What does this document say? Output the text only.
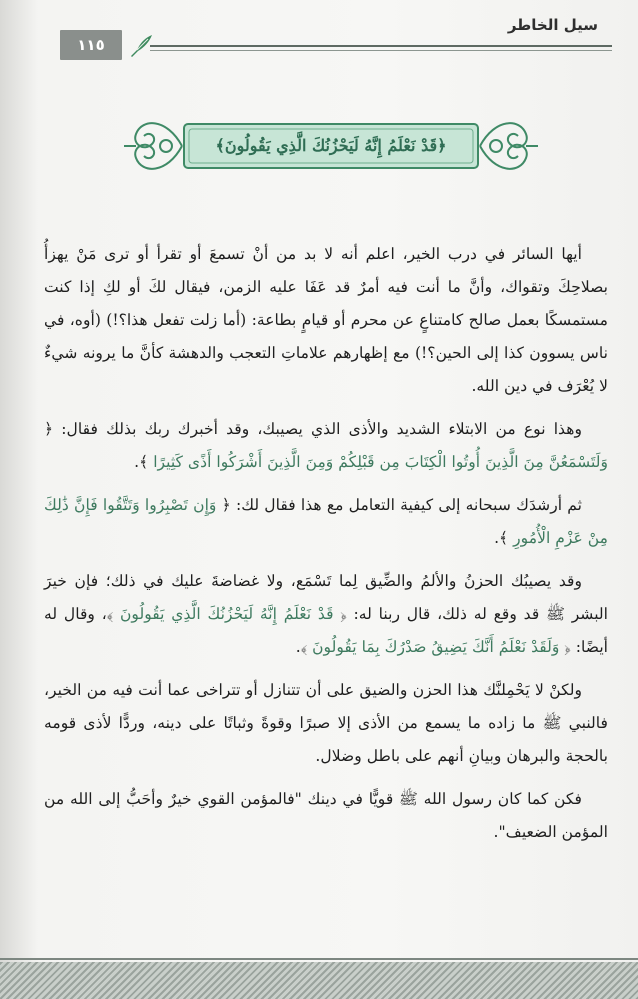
سيل الخاطر
١١٥
﴿قَدْ نَعْلَمُ إِنَّهُ لَيَحْزُنُكَ الَّذِي يَقُولُونَ﴾

أيها السائر في درب الخير، اعلم أنه لا بد من أنْ تسمعَ أو تقرأ أو ترى مَنْ يهزأُ بصلاحِكَ وتقواك، وأنَّ ما أنت فيه أمرٌ قد عَفَا عليه الزمن، فيقال لكَ أو لكِ إذا كنت مستمسكًا بعمل صالح كامتناعٍ عن محرم أو قيامٍ بطاعة: (أما زلت تفعل هذا؟!) (أوه، في ناس يسوون كذا إلى الحين؟!) مع إظهارهم علاماتِ التعجب والدهشة كأنَّ ما يرونه شيءٌ لا يُعْرَف في دين الله.

وهذا نوع من الابتلاء الشديد والأذى الذي يصيبك، وقد أخبرك ربك بذلك فقال: ﴿ وَلَتَسْمَعُنَّ مِنَ الَّذِينَ أُوتُوا الْكِتَابَ مِن قَبْلِكُمْ وَمِنَ الَّذِينَ أَشْرَكُوا أَذًى كَثِيرًا ﴾.

ثم أرشدَك سبحانه إلى كيفية التعامل مع هذا فقال لك: ﴿ وَإِن تَصْبِرُوا وَتَتَّقُوا فَإِنَّ ذَٰلِكَ مِنْ عَزْمِ الْأُمُورِ ﴾.

وقد يصيبُك الحزنُ والألمُ والضِّيق لِما تَسْمَع، ولا غضاضةَ عليك في ذلك؛ فإن خيرَ البشر ﷺ قد وقع له ذلك، قال ربنا له: ﴿ قَدْ نَعْلَمُ إِنَّهُ لَيَحْزُنُكَ الَّذِي يَقُولُونَ ﴾، وقال له أيضًا: ﴿ وَلَقَدْ نَعْلَمُ أَنَّكَ يَضِيقُ صَدْرُكَ بِمَا يَقُولُونَ ﴾.

ولكنْ لا يَحْمِلنَّك هذا الحزن والضيق على أن تتنازل أو تتراخى عما أنت فيه من الخير، فالنبي ﷺ ما زاده ما يسمع من الأذى إلا صبرًا وقوةً وثباتًا على دينه، وردًّا لأذى قومه بالحجة والبرهان وبيانِ أنهم على باطل وضلال.

فكن كما كان رسول الله ﷺ قويًّا في دينك "فالمؤمن القوي خيرٌ وأحَبُّ إلى الله من المؤمن الضعيف".
